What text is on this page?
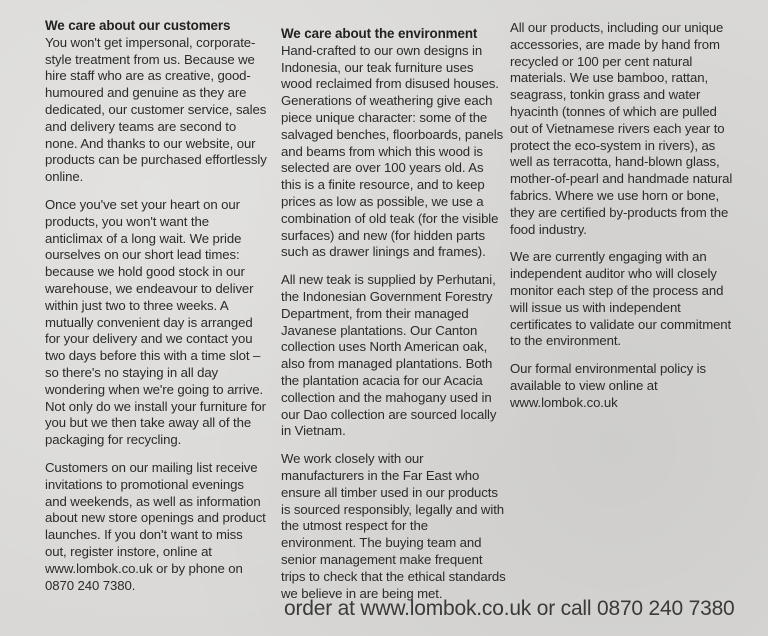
We care about our customers

You won't get impersonal, corporate-style treatment from us. Because we hire staff who are as creative, good-humoured and genuine as they are dedicated, our customer service, sales and delivery teams are second to none. And thanks to our website, our products can be purchased effortlessly online.

Once you've set your heart on our products, you won't want the anticlimax of a long wait. We pride ourselves on our short lead times: because we hold good stock in our warehouse, we endeavour to deliver within just two to three weeks. A mutually convenient day is arranged for your delivery and we contact you two days before this with a time slot – so there's no staying in all day wondering when we're going to arrive. Not only do we install your furniture for you but we then take away all of the packaging for recycling.

Customers on our mailing list receive invitations to promotional evenings and weekends, as well as information about new store openings and product launches. If you don't want to miss out, register instore, online at www.lombok.co.uk or by phone on 0870 240 7380.

We care about the environment

Hand-crafted to our own designs in Indonesia, our teak furniture uses wood reclaimed from disused houses. Generations of weathering give each piece unique character: some of the salvaged benches, floorboards, panels and beams from which this wood is selected are over 100 years old. As this is a finite resource, and to keep prices as low as possible, we use a combination of old teak (for the visible surfaces) and new (for hidden parts such as drawer linings and frames).

All new teak is supplied by Perhutani, the Indonesian Government Forestry Department, from their managed Javanese plantations. Our Canton collection uses North American oak, also from managed plantations. Both the plantation acacia for our Acacia collection and the mahogany used in our Dao collection are sourced locally in Vietnam.

We work closely with our manufacturers in the Far East who ensure all timber used in our products is sourced responsibly, legally and with the utmost respect for the environment. The buying team and senior management make frequent trips to check that the ethical standards we believe in are being met.

All our products, including our unique accessories, are made by hand from recycled or 100 per cent natural materials. We use bamboo, rattan, seagrass, tonkin grass and water hyacinth (tonnes of which are pulled out of Vietnamese rivers each year to protect the eco-system in rivers), as well as terracotta, hand-blown glass, mother-of-pearl and handmade natural fabrics. Where we use horn or bone, they are certified by-products from the food industry.

We are currently engaging with an independent auditor who will closely monitor each step of the process and will issue us with independent certificates to validate our commitment to the environment.

Our formal environmental policy is available to view online at www.lombok.co.uk

order at www.lombok.co.uk or call 0870 240 7380
